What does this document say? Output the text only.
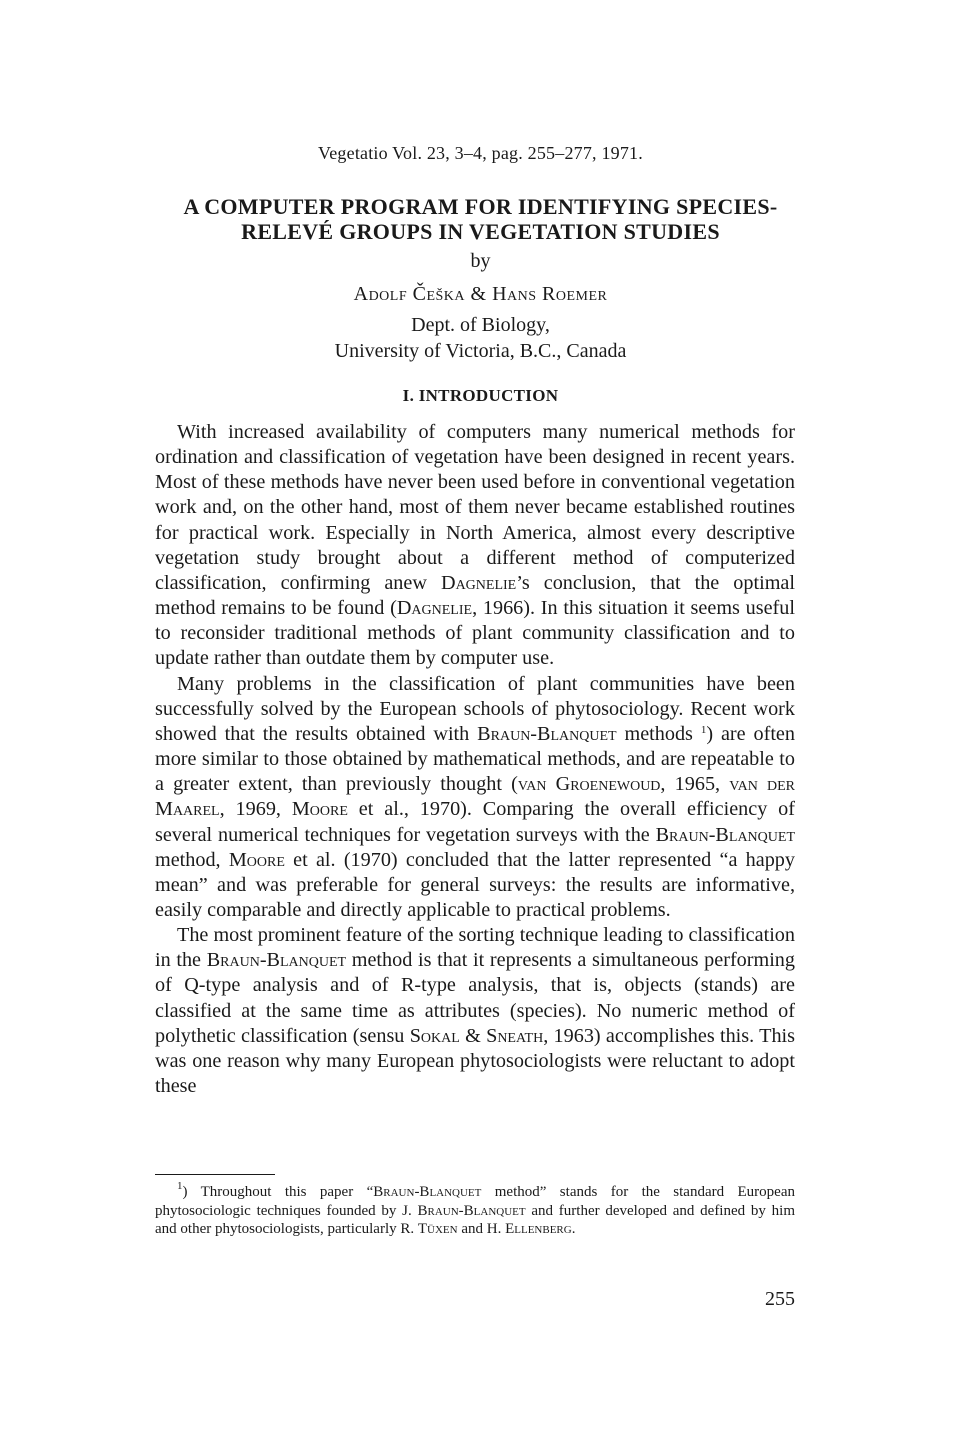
Vegetatio Vol. 23, 3–4, pag. 255–277, 1971.
A COMPUTER PROGRAM FOR IDENTIFYING SPECIES-
RELEVÉ GROUPS IN VEGETATION STUDIES
by
Adolf Češka & Hans Roemer
Dept. of Biology,
University of Victoria, B.C., Canada
I. INTRODUCTION

With increased availability of computers many numerical methods for ordination and classification of vegetation have been designed in recent years. Most of these methods have never been used before in conventional vegetation work and, on the other hand, most of them never became established routines for practical work. Especially in North America, almost every descriptive vegetation study brought about a different method of computerized classification, confirming anew Dagnelie’s conclusion, that the optimal method remains to be found (Dagnelie, 1966). In this situation it seems useful to reconsider traditional methods of plant community classification and to update rather than outdate them by computer use.

Many problems in the classification of plant communities have been successfully solved by the European schools of phytosociology. Recent work showed that the results obtained with Braun-Blanquet methods $^1$) are often more similar to those obtained by mathematical methods, and are repeatable to a greater extent, than previously thought (van Groenewoud, 1965, van der Maarel, 1969, Moore et al., 1970). Comparing the overall efficiency of several numerical techniques for vegetation surveys with the Braun-Blanquet method, Moore et al. (1970) concluded that the latter represented “a happy mean” and was preferable for general surveys: the results are informative, easily comparable and directly applicable to practical problems.

The most prominent feature of the sorting technique leading to classification in the Braun-Blanquet method is that it represents a simultaneous performing of Q-type analysis and of R-type analysis, that is, objects (stands) are classified at the same time as attributes (species). No numeric method of polythetic classification (sensu Sokal & Sneath, 1963) accomplishes this. This was one reason why many European phytosociologists were reluctant to adopt these

$^1$) Throughout this paper “Braun-Blanquet method” stands for the standard European phytosociologic techniques founded by J. Braun-Blanquet and further developed and defined by him and other phytosociologists, particularly R. Tüxen and H. Ellenberg.
255
